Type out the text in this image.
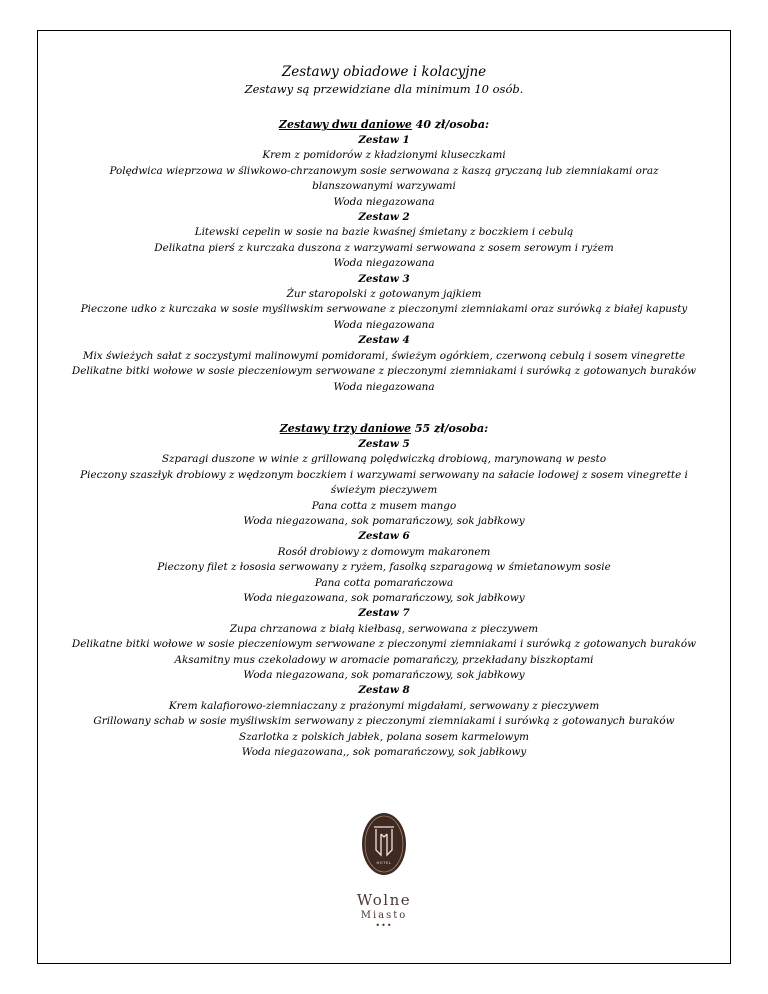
Zestawy obiadowe i kolacyjne
Zestawy są przewidziane dla minimum 10 osób.
Zestawy dwu daniowe 40 zł/osoba:
Zestaw 1
Krem z pomidorów z kładzionymi kluseczkami
Polędwica wieprzowa w śliwkowo-chrzanowym sosie serwowana z kaszą gryczaną lub ziemniakami oraz
blanszowanymi warzywami
Woda niegazowana
Zestaw 2
Litewski cepelin w sosie na bazie kwaśnej śmietany z boczkiem i cebulą
Delikatna pierś z kurczaka duszona z warzywami serwowana z sosem serowym i ryżem
Woda niegazowana
Zestaw 3
Żur staropolski z gotowanym jajkiem
Pieczone udko z kurczaka w sosie myśliwskim serwowane z pieczonymi ziemniakami oraz surówką z białej kapusty
Woda niegazowana
Zestaw 4
Mix świeżych sałat z soczystymi malinowymi pomidorami, świeżym ogórkiem, czerwoną cebulą i sosem vinegrette
Delikatne bitki wołowe w sosie pieczeniowym serwowane z pieczonymi ziemniakami i surówką z gotowanych buraków
Woda niegazowana
Zestawy trzy daniowe 55 zł/osoba:
Zestaw 5
Szparagi duszone w winie z grillowaną polędwiczką drobiową, marynowaną w pesto
Pieczony szaszłyk drobiowy z wędzonym boczkiem i warzywami serwowany na sałacie lodowej z sosem vinegrette i
świeżym pieczywem
Pana cotta z musem mango
Woda niegazowana, sok pomarańczowy, sok jabłkowy
Zestaw 6
Rosół drobiowy z domowym makaronem
Pieczony filet z łososia serwowany z ryżem, fasolką szparagową w śmietanowym sosie
Pana cotta pomarańczowa
Woda niegazowana, sok pomarańczowy, sok jabłkowy
Zestaw 7
Zupa chrzanowa z białą kiełbasą, serwowana z pieczywem
Delikatne bitki wołowe w sosie pieczeniowym serwowane z pieczonymi ziemniakami i surówką z gotowanych buraków
Aksamitny mus czekoladowy w aromacie pomarańczy, przekładany biszkoptami
Woda niegazowana, sok pomarańczowy, sok jabłkowy
Zestaw 8
Krem kalafiorowo-ziemniaczany z prażonymi migdałami, serwowany z pieczywem
Grillowany schab w sosie myśliwskim serwowany z pieczonymi ziemniakami i surówką z gotowanych buraków
Szarlotka z polskich jabłek, polana sosem karmelowym
Woda niegazowana,, sok pomarańczowy, sok jabłkowy
HOTEL
Wolne
Miasto
•••
